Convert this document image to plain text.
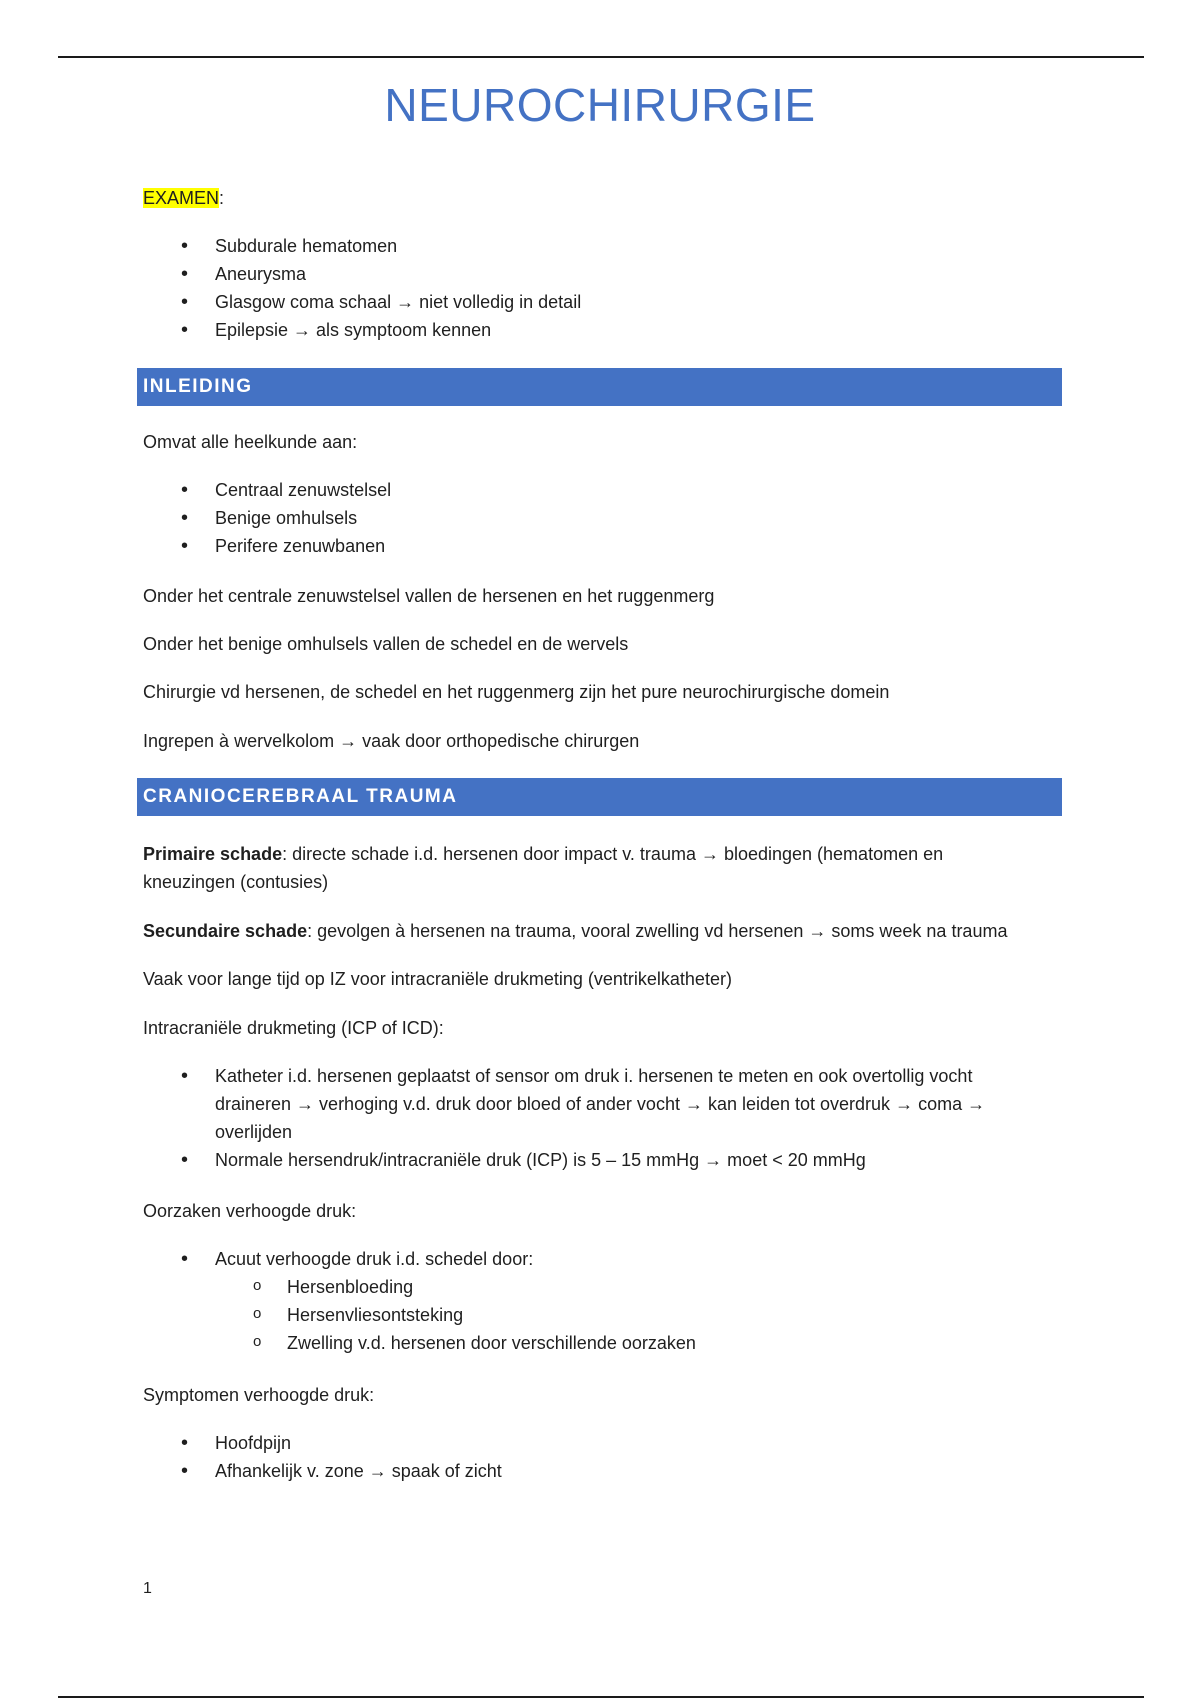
NEUROCHIRURGIE

EXAMEN:

• Subdurale hematomen
• Aneurysma
• Glasgow coma schaal → niet volledig in detail
• Epilepsie → als symptoom kennen

Omvat alle heelkunde aan:

• Centraal zenuwstelsel
• Benige omhulsels
• Perifere zenuwbanen

Onder het centrale zenuwstelsel vallen de hersenen en het ruggenmerg

Onder het benige omhulsels vallen de schedel en de wervels

Chirurgie vd hersenen, de schedel en het ruggenmerg zijn het pure neurochirurgische domein

Ingrepen à wervelkolom → vaak door orthopedische chirurgen

Primaire schade: directe schade i.d. hersenen door impact v. trauma → bloedingen (hematomen en kneuzingen (contusies)

Secundaire schade: gevolgen à hersenen na trauma, vooral zwelling vd hersenen → soms week na trauma

Vaak voor lange tijd op IZ voor intracraniële drukmeting (ventrikelkatheter)

Intracraniële drukmeting (ICP of ICD):

• Katheter i.d. hersenen geplaatst of sensor om druk i. hersenen te meten en ook overtollig vocht draineren → verhoging v.d. druk door bloed of ander vocht → kan leiden tot overdruk → coma → overlijden
• Normale hersendruk/intracraniële druk (ICP) is 5 – 15 mmHg → moet < 20 mmHg

Oorzaken verhoogde druk:

• Acuut verhoogde druk i.d. schedel door:
o Hersenbloeding
o Hersenvliesontsteking
o Zwelling v.d. hersenen door verschillende oorzaken

Symptomen verhoogde druk:

• Hoofdpijn
• Afhankelijk v. zone → spaak of zicht
INLEIDING
CRANIOCEREBRAAL TRAUMA
1
